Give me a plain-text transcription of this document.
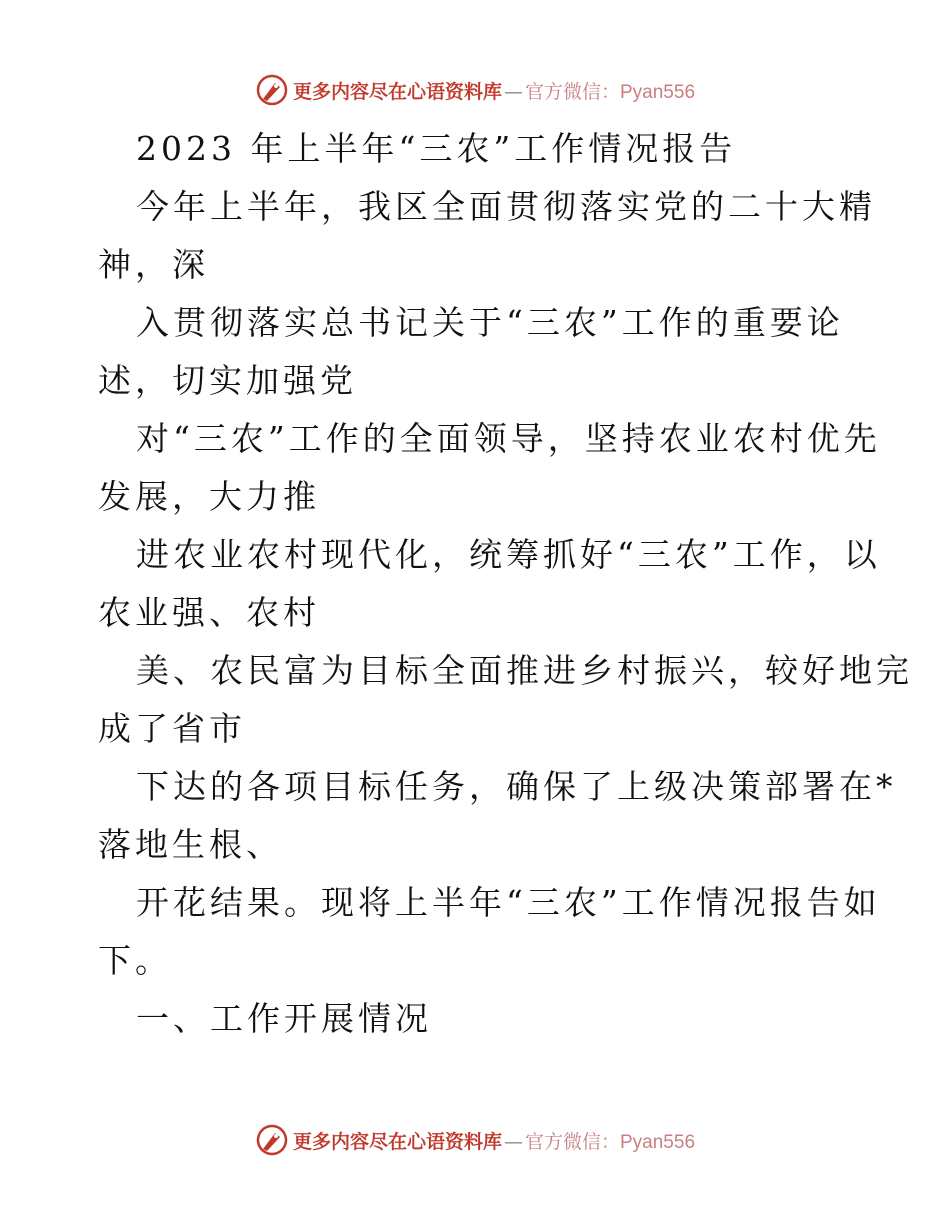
更多内容尽在心语资料库 — 官方微信： Pyan556
2023 年上半年“三农”工作情况报告
今年上半年，我区全面贯彻落实党的二十大精
神，深
入贯彻落实总书记关于“三农”工作的重要论
述，切实加强党
对“三农”工作的全面领导，坚持农业农村优先
发展，大力推
进农业农村现代化，统筹抓好“三农”工作，以
农业强、农村
美、农民富为目标全面推进乡村振兴，较好地完
成了省市
下达的各项目标任务，确保了上级决策部署在*
落地生根、
开花结果。现将上半年“三农”工作情况报告如
下。
一、工作开展情况
更多内容尽在心语资料库 — 官方微信： Pyan556
